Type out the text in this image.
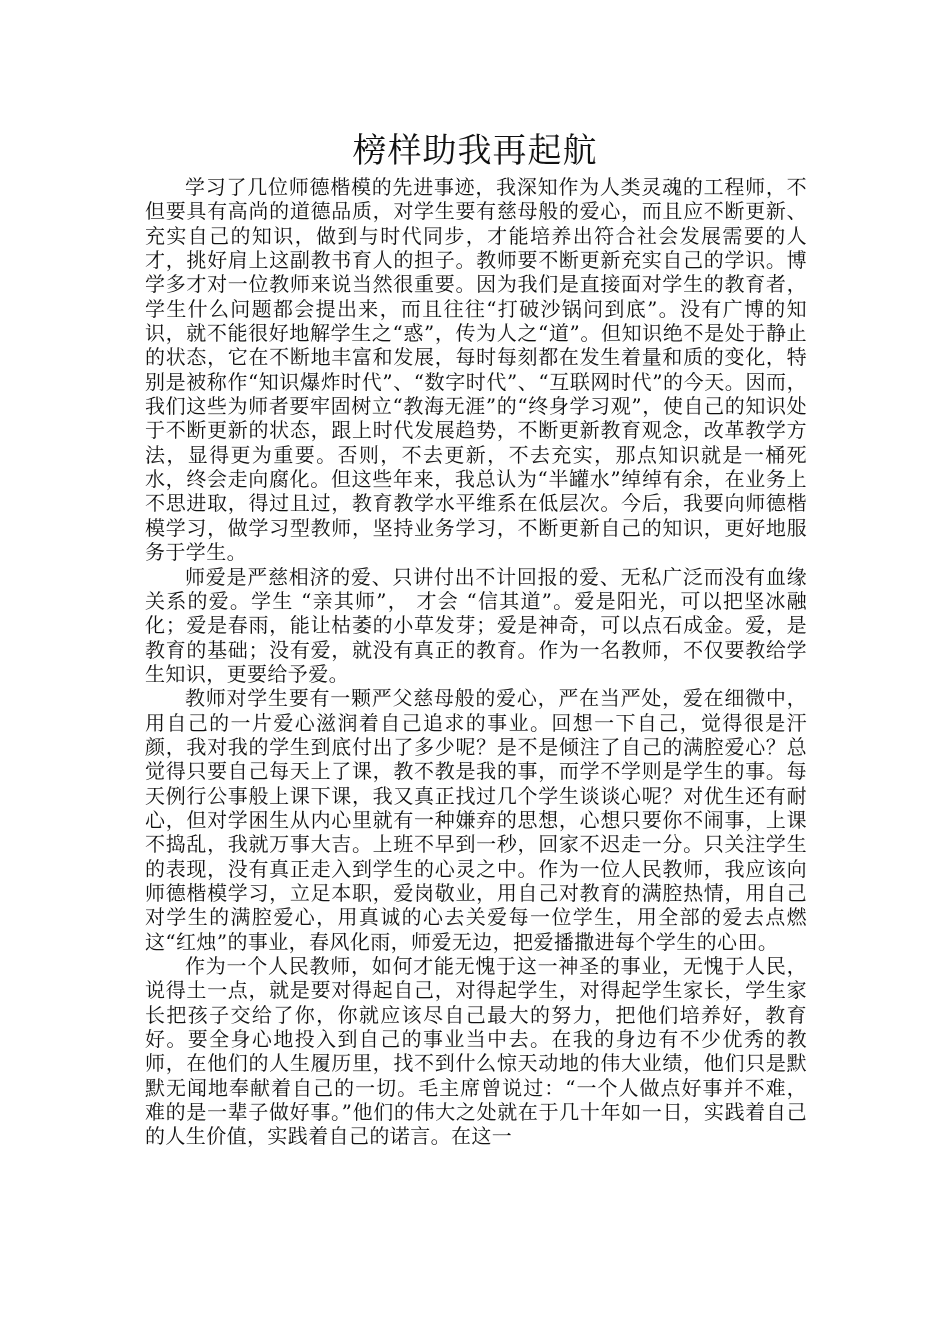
榜样助我再起航

学习了几位师德楷模的先进事迹，我深知作为人类灵魂的工程师，不但要具有高尚的道德品质，对学生要有慈母般的爱心，而且应不断更新、充实自己的知识，做到与时代同步，才能培养出符合社会发展需要的人才，挑好肩上这副教书育人的担子。教师要不断更新充实自己的学识。博学多才对一位教师来说当然很重要。因为我们是直接面对学生的教育者，学生什么问题都会提出来，而且往往“打破沙锅问到底”。没有广博的知识，就不能很好地解学生之“惑”，传为人之“道”。但知识绝不是处于静止的状态，它在不断地丰富和发展，每时每刻都在发生着量和质的变化，特别是被称作“知识爆炸时代”、“数字时代”、“互联网时代”的今天。因而，我们这些为师者要牢固树立“教海无涯”的“终身学习观”，使自己的知识处于不断更新的状态，跟上时代发展趋势，不断更新教育观念，改革教学方法，显得更为重要。否则，不去更新，不去充实，那点知识就是一桶死水，终会走向腐化。但这些年来，我总认为“半罐水”绰绰有余，在业务上不思进取，得过且过，教育教学水平维系在低层次。今后，我要向师德楷模学习，做学习型教师，坚持业务学习，不断更新自己的知识，更好地服务于学生。

师爱是严慈相济的爱、只讲付出不计回报的爱、无私广泛而没有血缘关系的爱。学生 “亲其师”， 才会 “信其道”。爱是阳光，可以把坚冰融化；爱是春雨，能让枯萎的小草发芽；爱是神奇，可以点石成金。爱，是教育的基础；没有爱，就没有真正的教育。作为一名教师，不仅要教给学生知识，更要给予爱。

教师对学生要有一颗严父慈母般的爱心，严在当严处，爱在细微中，用自己的一片爱心滋润着自己追求的事业。回想一下自己，觉得很是汗颜，我对我的学生到底付出了多少呢？是不是倾注了自己的满腔爱心？总觉得只要自己每天上了课，教不教是我的事，而学不学则是学生的事。每天例行公事般上课下课，我又真正找过几个学生谈谈心呢？对优生还有耐心，但对学困生从内心里就有一种嫌弃的思想，心想只要你不闹事，上课不捣乱，我就万事大吉。上班不早到一秒，回家不迟走一分。只关注学生的表现，没有真正走入到学生的心灵之中。作为一位人民教师，我应该向师德楷模学习，立足本职，爱岗敬业，用自己对教育的满腔热情，用自己对学生的满腔爱心，用真诚的心去关爱每一位学生，用全部的爱去点燃这“红烛”的事业，春风化雨，师爱无边，把爱播撒进每个学生的心田。

作为一个人民教师，如何才能无愧于这一神圣的事业，无愧于人民，说得土一点，就是要对得起自己，对得起学生，对得起学生家长，学生家长把孩子交给了你，你就应该尽自己最大的努力，把他们培养好，教育好。要全身心地投入到自己的事业当中去。在我的身边有不少优秀的教师，在他们的人生履历里，找不到什么惊天动地的伟大业绩，他们只是默默无闻地奉献着自己的一切。毛主席曾说过：“一个人做点好事并不难，难的是一辈子做好事。”他们的伟大之处就在于几十年如一日，实践着自己的人生价值，实践着自己的诺言。在这一
